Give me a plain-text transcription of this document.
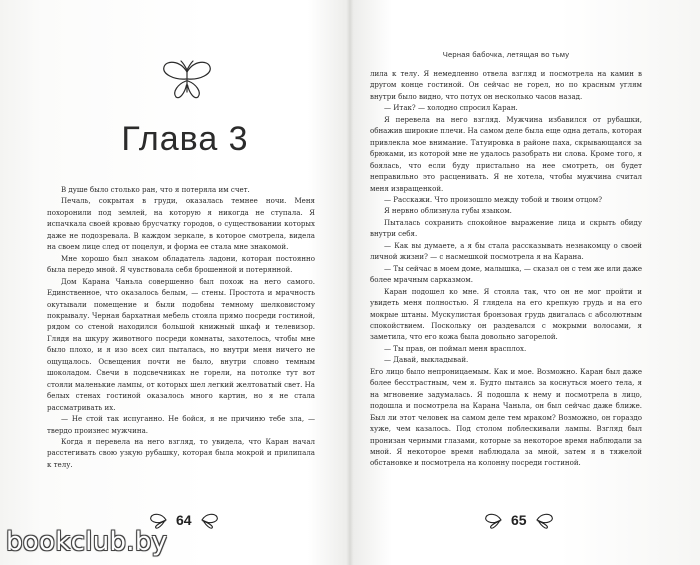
Глава 3

В душе было столько ран, что я потеряла им счет.

Печаль, сокрытая в груди, оказалась темнее ночи. Меня похоронили под землей, на которую я никогда не ступала. Я испачкала своей кровью брусчатку городов, о существовании которых даже не подозревала. В каждом зеркале, в которое смотрела, видела на своем лице след от поцелуя, и форма ее стала мне знакомой.

Мне хорошо был знаком обладатель ладони, которая постоянно была передо мной. Я чувствовала себя брошенной и потерянной.

Дом Карана Чаньла совершенно был похож на него самого. Единственное, что оказалось белым, — стены. Простота и мрачность окутывали помещение и были подобны темному шелковистому покрывалу. Черная бархатная мебель стояла прямо посреди гостиной, рядом со стеной находился большой книжный шкаф и телевизор. Глядя на шкуру животного посреди комнаты, захотелось, чтобы мне было плохо, и я изо всех сил пыталась, но внутри меня ничего не ощущалось. Освещения почти не было, внутри словно темным шоколадом. Свечи в подсвечниках не горели, на потолке тут вот стояли маленькие лампы, от которых шел легкий желтоватый свет. На белых стенах гостиной оказалось много картин, но я не стала рассматривать их.

— Не стой так испуганно. Не бойся, я не причиню тебе зла, — твердо произнес мужчина.

Когда я перевела на него взгляд, то увидела, что Каран начал расстегивать свою узкую рубашку, которая была мокрой и прилипала к телу.

64
Черная бабочка, летящая во тьму

лила к телу. Я немедленно отвела взгляд и посмотрела на камин в другом конце гостиной. Он сейчас не горел, но по красным углям внутри было видно, что потух он несколько часов назад.

— Итак? — холодно спросил Каран.

Я перевела на него взгляд. Мужчина избавился от рубашки, обнажив широкие плечи. На самом деле была еще одна деталь, которая привлекла мое внимание. Татуировка в районе паха, скрывающаяся за брюками, из которой мне не удалось разобрать ни слова. Кроме того, я боялась, что если буду пристально на нее смотреть, он будет неправильно это расценивать. Я не хотела, чтобы мужчина считал меня извращенкой.

— Расскажи. Что произошло между тобой и твоим отцом?

Я нервно облизнула губы языком.

Пыталась сохранить спокойное выражение лица и скрыть обиду внутри себя.

— Как вы думаете, а я бы стала рассказывать незнакомцу о своей личной жизни? — с насмешкой посмотрела я на Карана.

— Ты сейчас в моем доме, малышка, — сказал он с тем же или даже более мрачным сарказмом.

Каран подошел ко мне. Я стояла так, что он не мог пройти и увидеть меня полностью. Я глядела на его крепкую грудь и на его мокрые штаны. Мускулистая бронзовая грудь двигалась с абсолютным спокойствием. Поскольку он раздевался с мокрыми волосами, я заметила, что его кожа была довольно загорелой.

— Ты прав, он поймал меня врасплох.

— Давай, выкладывай.

Его лицо было непроницаемым. Как и мое. Возможно. Каран был даже более бесстрастным, чем я. Будто пытаясь за коснуться моего тела, я на мгновение задумалась. Я подошла к нему и посмотрела в лицо, подошла и посмотрела на Карана Чаньла, он был сейчас даже ближе. Был ли этот человек на самом деле тем мраком? Возможно, он гораздо хуже, чем казалось. Под столом поблескивали лампы. Взгляд был пронизан черными глазами, которые за некоторое время наблюдали за мной. Я некоторое время наблюдала за мной, затем я в тяжелой обстановке и посмотрела на колонну посреди гостиной.

65
bookclub.by
